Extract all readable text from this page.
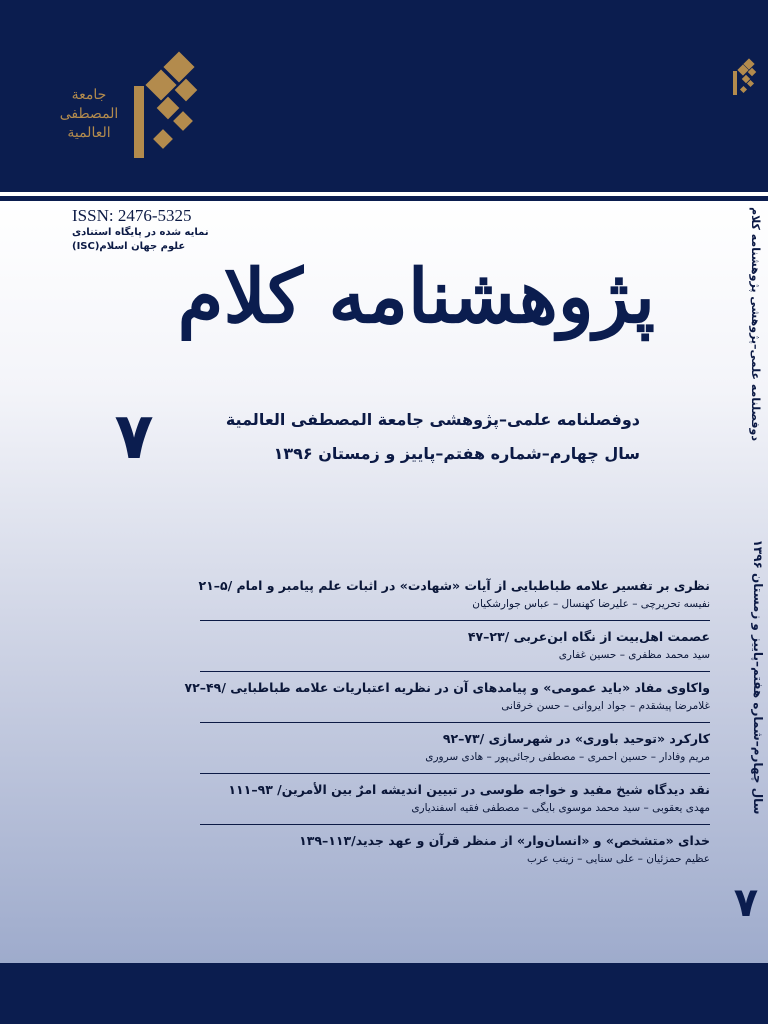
جامعة
المصطفى
العالمية
ISSN: 2476-5325
نمایه شده در پایگاه استنادی
علوم جهان اسلام(ISC)
پژوهشنامه کلام
دوفصلنامه علمی–پژوهشی جامعة المصطفى العالمية
سال چهارم–شماره هفتم–پاییز و زمستان ۱۳۹۶
۷	دوفصلنامه علمی–پژوهشی پژوهشنامه کلام
سال چهارم–شماره هفتم–پاییز و زمستان ۱۳۹۶
۷
نظری بر تفسیر علامه طباطبایی از آیات «شهادت» در اثبات علم پیامبر و امام /۵–۲۱
نفیسه تحریرچی – علیرضا کهنسال – عباس جوارشکیان
عصمت اهل‌بیت از نگاه ابن‌عربی /۲۳–۴۷
سید محمد مظفری – حسین غفاری
واکاوی مفاد «باید عمومی» و پیامدهای آن در نظریه اعتباریات علامه طباطبایی /۴۹–۷۲
غلامرضا پیشقدم – جواد ایروانی – حسن خرقانی
کارکرد «توحید باوری» در شهرسازی /۷۳–۹۲
مریم وفادار – حسین احمری – مصطفی رجائی‌پور – هادی سروری
نقد دیدگاه شیخ مفید و خواجه طوسی در تبیین اندیشه امرٌ بین الأمرین/ ۹۳–۱۱۱
مهدی یعقوبی – سید محمد موسوی بایگی – مصطفی فقیه اسفندیاری
خدای «متشخص» و «انسان‌وار» از منظر قرآن و عهد جدید/۱۱۳–۱۳۹
عظیم حمزئیان – علی سنایی – زینب عرب
